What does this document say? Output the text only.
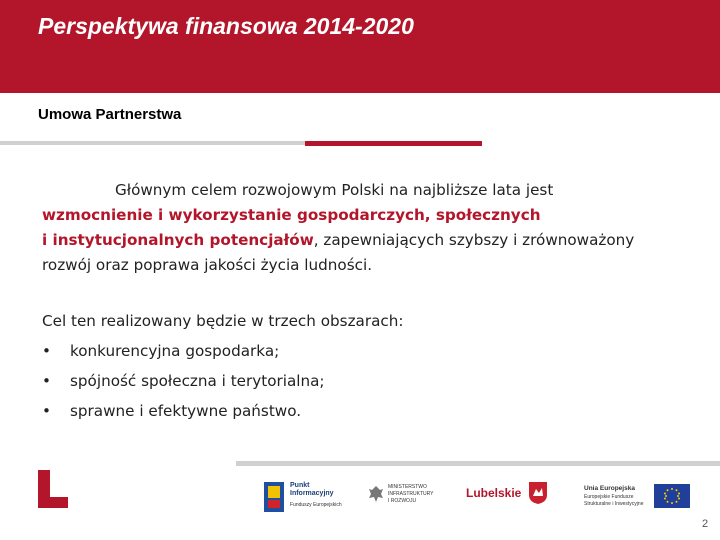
Perspektywa finansowa 2014-2020
Umowa Partnerstwa
Głównym celem rozwojowym Polski na najbliższe lata jest
wzmocnienie i wykorzystanie gospodarczych, społecznych
i instytucjonalnych potencjałów, zapewniających szybszy i zrównoważony
rozwój oraz poprawa jakości życia ludności.
Cel ten realizowany będzie w trzech obszarach:
•	konkurencyjna gospodarka;
•	spójność społeczna i terytorialna;
•	sprawne i efektywne państwo.
Punkt
Informacyjny
Funduszy Europejskich
MINISTERSTWO
INFRASTRUKTURY
I ROZWOJU
Lubelskie	Unia Europejska
Europejskie Fundusze
Strukturalne i Inwestycyjne
2
